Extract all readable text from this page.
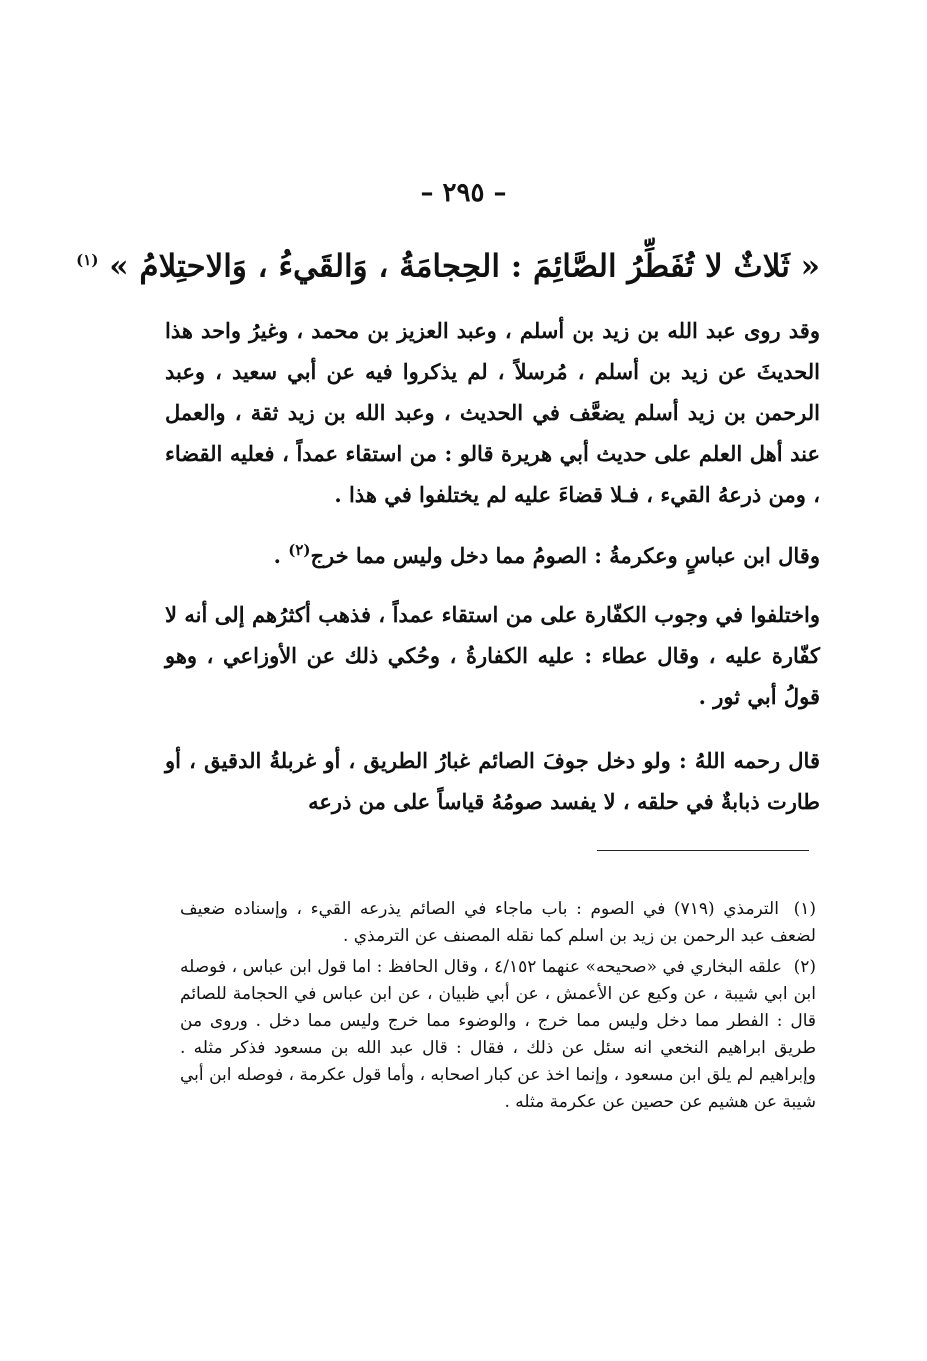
– ٢٩٥ –
« ثَلاثٌ لا تُفَطِّرُ الصَّائِمَ : الحِجامَةُ ، وَالقَيءُ ، وَالاحتِلامُ » $^{(١)}$
وقد روى عبد الله بن زيد بن أسلم ، وعبد العزيز بن محمد ، وغيرُ واحد هذا الحديثَ عن زيد بن أسلم ، مُرسلاً ، لم يذكروا فيه عن أبي سعيد ، وعبد الرحمن بن زيد أسلم يضعَّف في الحديث ، وعبد الله بن زيد ثقة ، والعمل عند أهل العلم على حديث أبي هريرة قالو : من استقاء عمداً ، فعليه القضاء ، ومن ذرعهُ القيء ، فـلا قضاءَ عليه لم يختلفوا في هذا .
وقال ابن عباسٍ وعكرمةُ : الصومُ مما دخل وليس مما خرج$^{(٢)}$ .
واختلفوا في وجوب الكفّارة على من استقاء عمداً ، فذهب أكثرُهم إلى أنه لا كفّارة عليه ، وقال عطاء : عليه الكفارةُ ، وحُكي ذلك عن الأوزاعي ، وهو قولُ أبي ثور .
قال رحمه اللهُ : ولو دخل جوفَ الصائم غبارُ الطريق ، أو غربلةُ الدقيق ، أو طارت ذبابةٌ في حلقه ، لا يفسد صومُهُ قياساً على من ذرعه

(١) الترمذي (٧١٩) في الصوم : باب ماجاء في الصائم يذرعه القيء ، وإسناده ضعيف لضعف عبد الرحمن بن زيد بن اسلم كما نقله المصنف عن الترمذي .

(٢) علقه البخاري في «صحيحه» عنهما ٤/١٥٢ ، وقال الحافظ : اما قول ابن عباس ، فوصله ابن ابي شيبة ، عن وكيع عن الأعمش ، عن أبي ظبيان ، عن ابن عباس في الحجامة للصائم قال : الفطر مما دخل وليس مما خرج ، والوضوء مما خرج وليس مما دخل . وروى من طريق ابراهيم النخعي انه سئل عن ذلك ، فقال : قال عبد الله بن مسعود فذكر مثله . وإبراهيم لم يلق ابن مسعود ، وإنما اخذ عن كبار اصحابه ، وأما قول عكرمة ، فوصله ابن أبي شيبة عن هشيم عن حصين عن عكرمة مثله .
